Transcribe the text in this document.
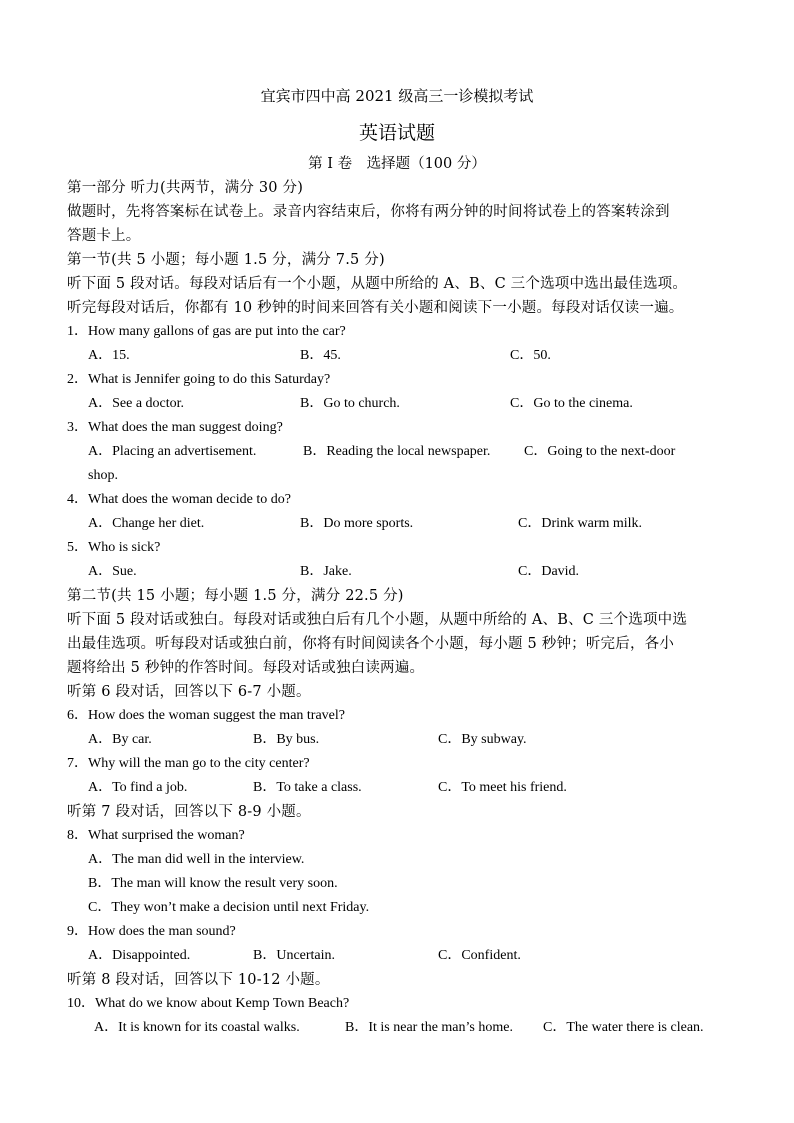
宜宾市四中高 2021 级高三一诊模拟考试
英语试题
第 I 卷　选择题（100 分）
第一部分 听力(共两节，满分 30 分)
做题时，先将答案标在试卷上。录音内容结束后，你将有两分钟的时间将试卷上的答案转涂到
答题卡上。
第一节(共 5 小题；每小题 1.5 分，满分 7.5 分)
听下面 5 段对话。每段对话后有一个小题，从题中所给的 A、B、C 三个选项中选出最佳选项。
听完每段对话后，你都有 10 秒钟的时间来回答有关小题和阅读下一小题。每段对话仅读一遍。
1．How many gallons of gas are put into the car?
A．15.	B．45.	C．50.
2．What is Jennifer going to do this Saturday?
A．See a doctor.	B．Go to church.	C．Go to the cinema.
3．What does the man suggest doing?
A．Placing an advertisement.	B．Reading the local newspaper. C．Going to the next-door
shop.
4．What does the woman decide to do?
A．Change her diet.	B．Do more sports.	C．Drink warm milk.
5．Who is sick?
A．Sue.	B．Jake.	C．David.
第二节(共 15 小题；每小题 1.5 分，满分 22.5 分)
听下面 5 段对话或独白。每段对话或独白后有几个小题，从题中所给的 A、B、C 三个选项中选
出最佳选项。听每段对话或独白前，你将有时间阅读各个小题，每小题 5 秒钟；听完后，各小
题将给出 5 秒钟的作答时间。每段对话或独白读两遍。
听第 6 段对话，回答以下 6-7 小题。
6．How does the woman suggest the man travel?
A．By car.	B．By bus.	C．By subway.
7．Why will the man go to the city center?
A．To find a job.	B．To take a class.	C．To meet his friend.
听第 7 段对话，回答以下 8-9 小题。
8．What surprised the woman?
A．The man did well in the interview.
B．The man will know the result very soon.
C．They won’t make a decision until next Friday.
9．How does the man sound?
A．Disappointed.	B．Uncertain.	C．Confident.
听第 8 段对话，回答以下 10-12 小题。
10．What do we know about Kemp Town Beach?
A．It is known for its coastal walks.	B．It is near the man’s home. C．The water there is clean.
